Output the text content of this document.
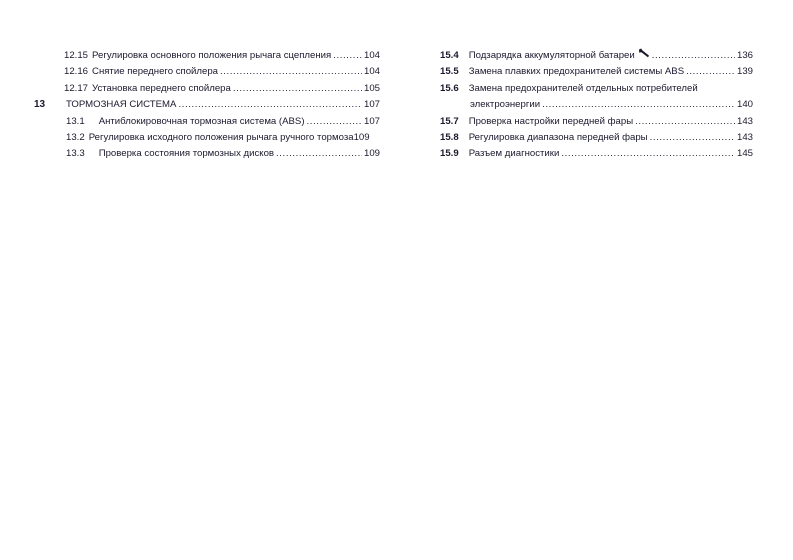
12.15 Регулировка основного положения рычага сцепления .....	104
12.16 Снятие переднего спойлера .....	104
12.17 Установка переднего спойлера .....	105
13 ТОРМОЗНАЯ СИСТЕМА .....	107
13.1 Антиблокировочная тормозная система (ABS) .....	107
13.2 Регулировка исходного положения рычага ручного тормоза 109
13.3 Проверка состояния тормозных дисков .....	109
15.4 Подзарядка аккумуляторной батареи .....	136
15.5 Замена плавких предохранителей системы ABS .....	139
15.6 Замена предохранителей отдельных потребителей
электроэнергии .....	140
15.7 Проверка настройки передней фары .....	143
15.8 Регулировка диапазона передней фары .....	143
15.9 Разъем диагностики .....	145
